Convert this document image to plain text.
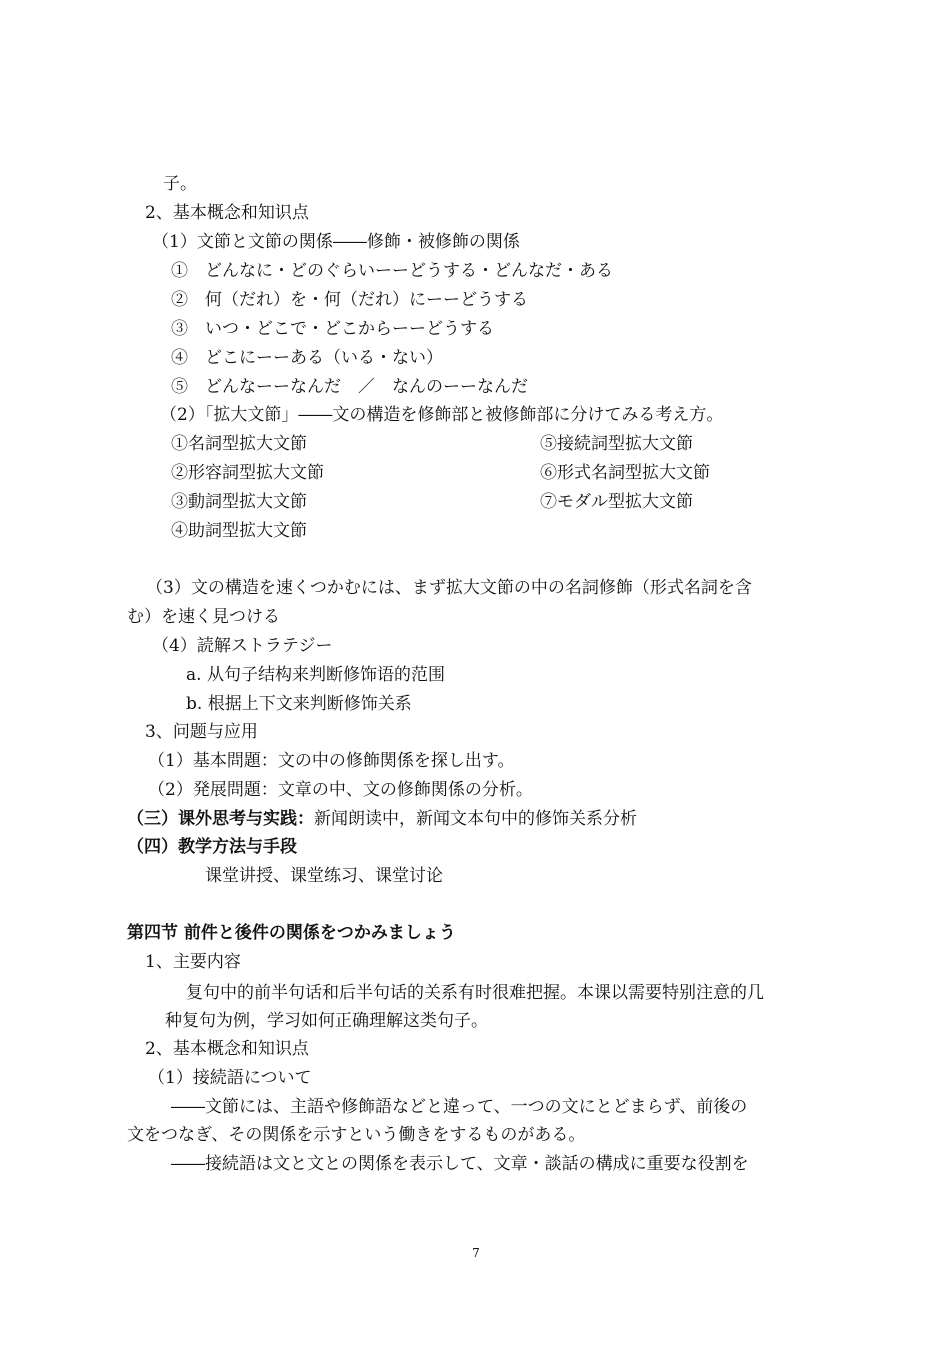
子。
2、基本概念和知识点
（1）文節と文節の関係――修飾・被修飾の関係
①　どんなに・どのぐらいーーどうする・どんなだ・ある
②　何（だれ）を・何（だれ）にーーどうする
③　いつ・どこで・どこからーーどうする
④　どこにーーある（いる・ない）
⑤　どんなーーなんだ　／　なんのーーなんだ
（2）「拡大文節」――文の構造を修飾部と被修飾部に分けてみる考え方。
①名詞型拡大文節
②形容詞型拡大文節
③動詞型拡大文節
④助詞型拡大文節
⑤接続詞型拡大文節
⑥形式名詞型拡大文節
⑦モダル型拡大文節
（3）文の構造を速くつかむには、まず拡大文節の中の名詞修飾（形式名詞を含
む）を速く見つける
（4）読解ストラテジー
a. 从句子结构来判断修饰语的范围
b. 根据上下文来判断修饰关系
3、问题与应用
（1）基本問題：文の中の修飾関係を探し出す。
（2）発展問題：文章の中、文の修飾関係の分析。
（三）课外思考与实践：新闻朗读中，新闻文本句中的修饰关系分析
（四）教学方法与手段
课堂讲授、课堂练习、课堂讨论
第四节 前件と後件の関係をつかみましょう
1、主要内容
复句中的前半句话和后半句话的关系有时很难把握。本课以需要特别注意的几
种复句为例，学习如何正确理解这类句子。
2、基本概念和知识点
（1）接続語について
――文節には、主語や修飾語などと違って、一つの文にとどまらず、前後の
文をつなぎ、その関係を示すという働きをするものがある。
――接続語は文と文との関係を表示して、文章・談話の構成に重要な役割を
7
